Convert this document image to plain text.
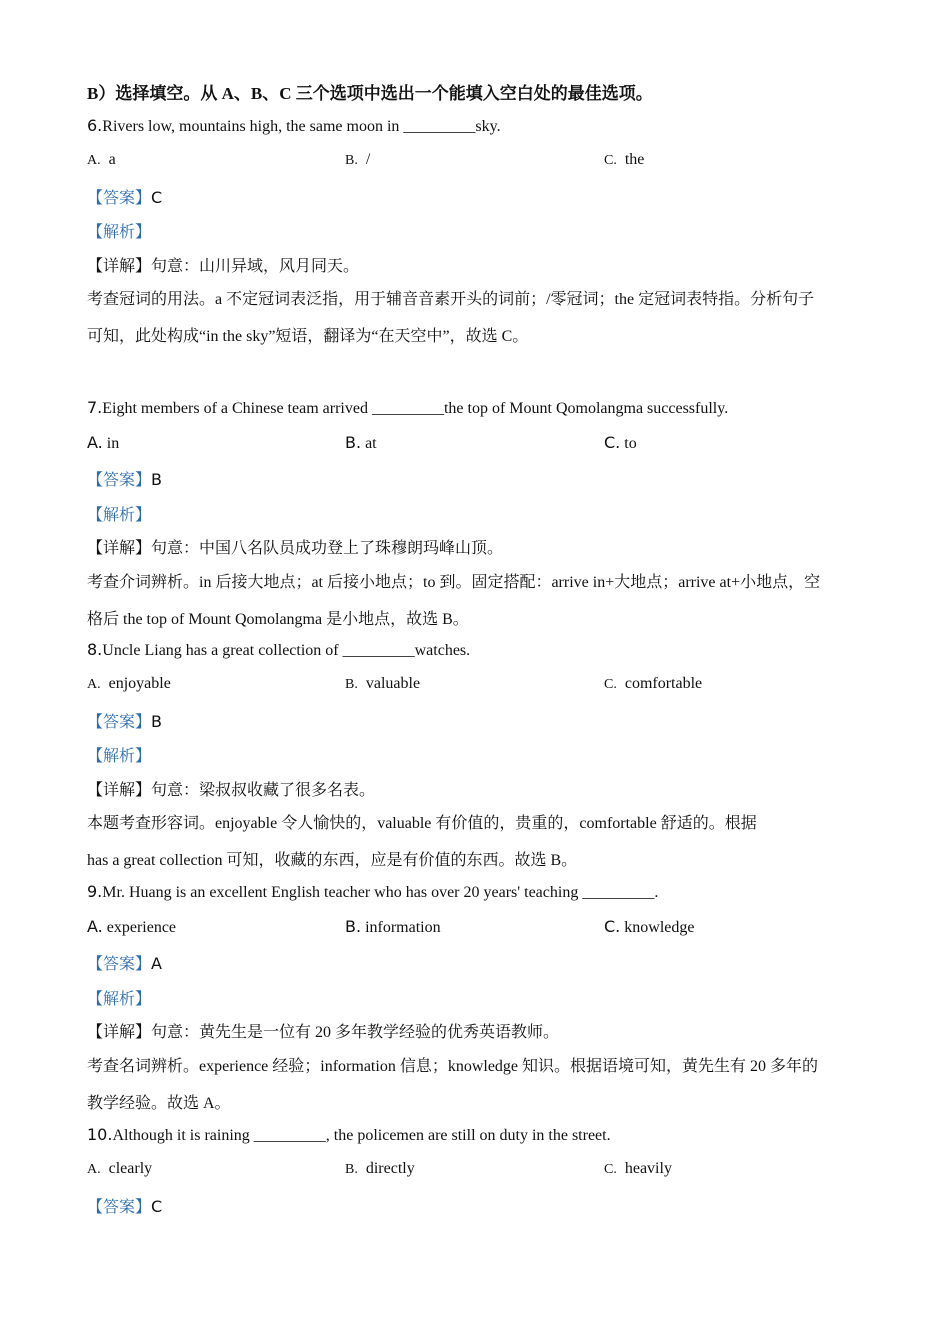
B）选择填空。从 A、B、C 三个选项中选出一个能填入空白处的最佳选项。
6.Rivers low, mountains high, the same moon in _________sky.
A. a	B. /	C. the
【答案】C
【解析】
【详解】句意：山川异域，风月同天。
考查冠词的用法。a 不定冠词表泛指，用于辅音音素开头的词前；/零冠词；the 定冠词表特指。分析句子
可知，此处构成“in the sky”短语，翻译为“在天空中”，故选 C。
7.Eight members of a Chinese team arrived _________the top of Mount Qomolangma successfully.
A. in	B. at	C. to
【答案】B
【解析】
【详解】句意：中国八名队员成功登上了珠穆朗玛峰山顶。
考查介词辨析。in 后接大地点；at 后接小地点；to 到。固定搭配：arrive in+大地点；arrive at+小地点，空
格后 the top of Mount Qomolangma 是小地点，故选 B。
8.Uncle Liang has a great collection of _________watches.
A. enjoyable	B. valuable	C. comfortable
【答案】B
【解析】
【详解】句意：梁叔叔收藏了很多名表。
本题考查形容词。enjoyable 令人愉快的，valuable 有价值的，贵重的，comfortable 舒适的。根据
has a great collection 可知，收藏的东西，应是有价值的东西。故选 B。
9.Mr. Huang is an excellent English teacher who has over 20 years' teaching _________.
A. experience	B. information	C. knowledge
【答案】A
【解析】
【详解】句意：黄先生是一位有 20 多年教学经验的优秀英语教师。
考查名词辨析。experience 经验；information 信息；knowledge 知识。根据语境可知，黄先生有 20 多年的
教学经验。故选 A。
10.Although it is raining _________, the policemen are still on duty in the street.
A. clearly	B. directly	C. heavily
【答案】C
